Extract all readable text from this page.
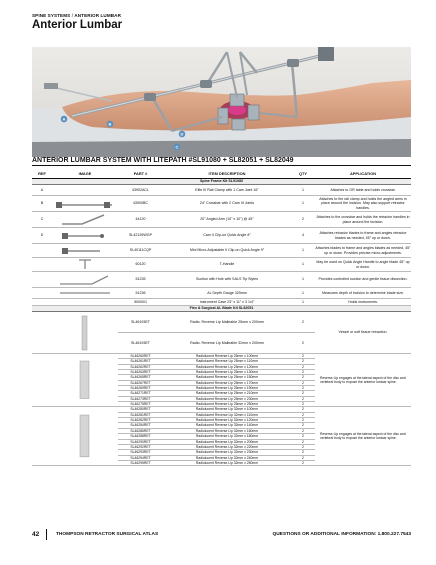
SPINE SYSTEMS / ANTERIOR LUMBAR
Anterior Lumbar
A
B
C
D
ANTERIOR LUMBAR SYSTEM WITH LITEPATH #SL91080 + SL82051 + SL82049
REF	IMAGE	PART #	ITEM DESCRIPTION	QTY	APPLICATION
Spine Frame Kit SL91080					
A		43902ACL	Elite III Rail Clamp with 1 Cam Joint 16"	1	Attaches to OR table and holds crossbar.
B		43900BC	24" Crossbar with 2 Cam III Joints	1	Attaches to the rail clamp and holds the angled arms in place around the incision. May also support retractor handles.
C		44120	20" Angled Arm (10" x 10") @ 45°	2	Attaches to the crossbar and holds the retractor handles in place around the incision.
D		SL42126WGP	Cam II Clip-on Quick Angle 8°	4	Attaches retractor blades to frame and angles retractor blades as needed, 45° up or down.

	SL40111CQP	Mini Micro-Adjustable II Clip-on Quick Angle 9°	1	Attaches blades to frame and angles blades as needed, 45° up or down. Provides precise micro-adjustments.

	60120	T-Handle	1	May be used on Quick Angle Handle to angle blade 45° up or down.

	51235	Suction with Hole with SALS Tip Styles	1	Provides controlled suction and gentle tissue dissection.

	51236	AL Depth Gauge 325mm	1	Measures depth of incision to determine blade size.
		50000G	Instrument Case 23" x 11" x 3 1/4"	1	Holds instruments.
Flex & Surgical AL Blade Kit SL82051					

	SL46193ET	Radio. Reverse Lip Malleable 25mm x 200mm	2	Vessel or soft tissue retraction.
		SL46193ET	Radio. Reverse Lip Malleable 32mm x 200mm	2	

	SL46260RET	Radiolucent Reverse Lip 25mm x 100mm	2	Reverse Lip engages at the lateral aspect of the disc and vertebral body to expose the anterior lumbar spine.
		SL46261RET	Radiolucent Reverse Lip 25mm x 110mm	2	
		SL46262RET	Radiolucent Reverse Lip 25mm x 120mm	2	
		SL46263RET	Radiolucent Reverse Lip 25mm x 130mm	2	
		SL46265RET	Radiolucent Reverse Lip 25mm x 150mm	2	
		SL46267RET	Radiolucent Reverse Lip 25mm x 170mm	2	
		SL46269RET	Radiolucent Reverse Lip 25mm x 190mm	2	
		SL46271RET	Radiolucent Reverse Lip 25mm x 210mm	2	
		SL46273RET	Radiolucent Reverse Lip 25mm x 230mm	2	
		SL46275RET	Radiolucent Reverse Lip 25mm x 250mm	2	

	SL46280RET	Radiolucent Reverse Lip 32mm x 100mm	2	Reverse Lip engages at the lateral aspect of the disc and vertebral body to expose the anterior lumbar spine.
		SL46281RET	Radiolucent Reverse Lip 32mm x 110mm	2	
		SL46282RET	Radiolucent Reverse Lip 32mm x 120mm	2	
		SL46284RET	Radiolucent Reverse Lip 32mm x 140mm	2	
		SL46286RET	Radiolucent Reverse Lip 32mm x 160mm	2	
		SL46288RET	Radiolucent Reverse Lip 32mm x 180mm	2	
		SL46290RET	Radiolucent Reverse Lip 32mm x 200mm	2	
		SL46292RET	Radiolucent Reverse Lip 32mm x 220mm	2	
		SL46293RET	Radiolucent Reverse Lip 32mm x 230mm	2	
		SL46294RET	Radiolucent Reverse Lip 32mm x 240mm	2	
		SL46295RET	Radiolucent Reverse Lip 32mm x 250mm	2	
42	THOMPSON RETRACTOR SURGICAL ATLAS	QUESTIONS OR ADDITIONAL INFORMATION: 1.800.227.7543
